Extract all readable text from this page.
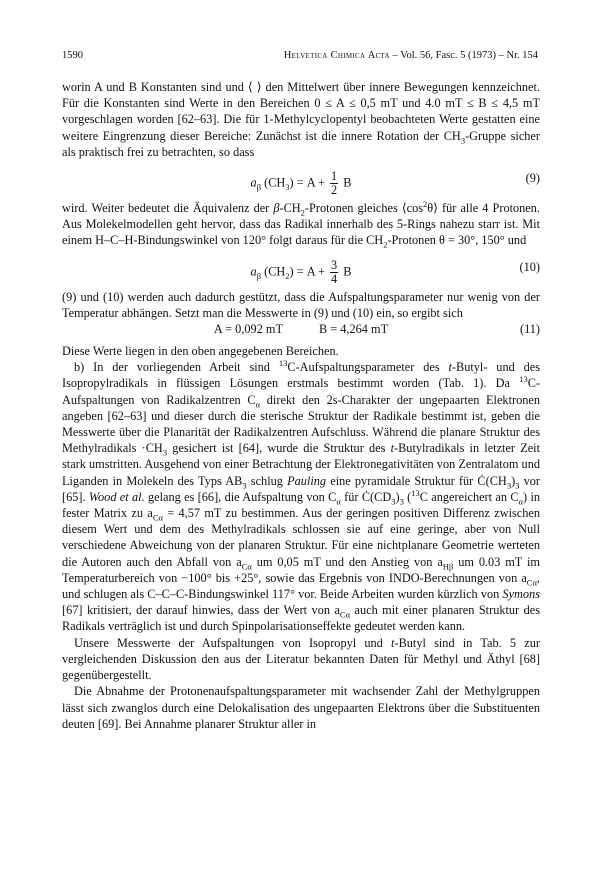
1590	Helvetica Chimica Acta – Vol. 56, Fasc. 5 (1973) – Nr. 154

worin A und B Konstanten sind und ⟨ ⟩ den Mittelwert über innere Bewegungen kennzeichnet. Für die Konstanten sind Werte in den Bereichen 0 ≤ A ≤ 0,5 mT und 4.0 mT ≤ B ≤ 4,5 mT vorgeschlagen worden [62–63]. Die für 1-Methylcyclopentyl beobachteten Werte gestatten eine weitere Eingrenzung dieser Bereiche: Zunächst ist die innere Rotation der $CH_3$-Gruppe sicher als praktisch frei zu betrachten, so dass

$a_\beta$ $(CH_3) = A + \frac{1}{2}$ B	(9)

wird. Weiter bedeutet die Äquivalenz der $\beta-CH_2$-Protonen gleiches $⟨\cos^2\theta⟩$ für alle 4 Protonen. Aus Molekelmodellen geht hervor, dass das Radikal innerhalb des 5-Rings nahezu starr ist. Mit einem H–C–H-Bindungswinkel von 120° folgt daraus für die $CH_2$-Protonen θ = 30°, 150° und

$a_\beta$ $(CH_2) = A + \frac{3}{4}$ B	(10)

(9) und (10) werden auch dadurch gestützt, dass die Aufspaltungsparameter nur wenig von der Temperatur abhängen. Setzt man die Messwerte in (9) und (10) ein, so ergibt sich

A = 0,092 mT	B = 4,264 mT	(11)

Diese Werte liegen in den oben angegebenen Bereichen.

b) In der vorliegenden Arbeit sind $^{13}$C-Aufspaltungsparameter des t-Butyl- und des Isopropylradikals in flüssigen Lösungen erstmals bestimmt worden (Tab. 1). Da $^{13}$C-Aufspaltungen von Radikalzentren $C_\alpha$ direkt den 2s-Charakter der ungepaarten Elektronen angeben [62–63] und dieser durch die sterische Struktur der Radikale bestimmt ist, geben die Messwerte über die Planarität der Radikalzentren Aufschluss. Während die planare Struktur des Methylradikals $\cdot CH_3$ gesichert ist [64], wurde die Struktur des t-Butylradikals in letzter Zeit stark umstritten. Ausgehend von einer Betrachtung der Elektronegativitäten von Zentralatom und Liganden in Molekeln des Typs $AB_3$ schlug Pauling eine pyramidale Struktur für $Ċ(CH_3)_3$ vor [65]. Wood et al. gelang es [66], die Aufspaltung von $C_\alpha$ für $Ċ(CD_3)_3$ ($^{13}$C angereichert an $C_\alpha$) in fester Matrix zu $a_{C\alpha} = 4,57$ mT zu bestimmen. Aus der geringen positiven Differenz zwischen diesem Wert und dem des Methylradikals schlossen sie auf eine geringe, aber von Null verschiedene Abweichung von der planaren Struktur. Für eine nichtplanare Geometrie werteten die Autoren auch den Abfall von $a_{C\alpha}$ um 0,05 mT und den Anstieg von $a_{H\beta}$ um 0.03 mT im Temperaturbereich von −100° bis +25°, sowie das Ergebnis von INDO-Berechnungen von $a_{C\alpha}$, und schlugen als C–C–C-Bindungswinkel 117° vor. Beide Arbeiten wurden kürzlich von Symons [67] kritisiert, der darauf hinwies, dass der Wert von $a_{C\alpha}$ auch mit einer planaren Struktur des Radikals verträglich ist und durch Spinpolarisationseffekte gedeutet werden kann.

Unsere Messwerte der Aufspaltungen von Isopropyl und t-Butyl sind in Tab. 5 zur vergleichenden Diskussion den aus der Literatur bekannten Daten für Methyl und Äthyl [68] gegenübergestellt.

Die Abnahme der Protonenaufspaltungsparameter mit wachsender Zahl der Methylgruppen lässt sich zwanglos durch eine Delokalisation des ungepaarten Elektrons über die Substituenten deuten [69]. Bei Annahme planarer Struktur aller in
